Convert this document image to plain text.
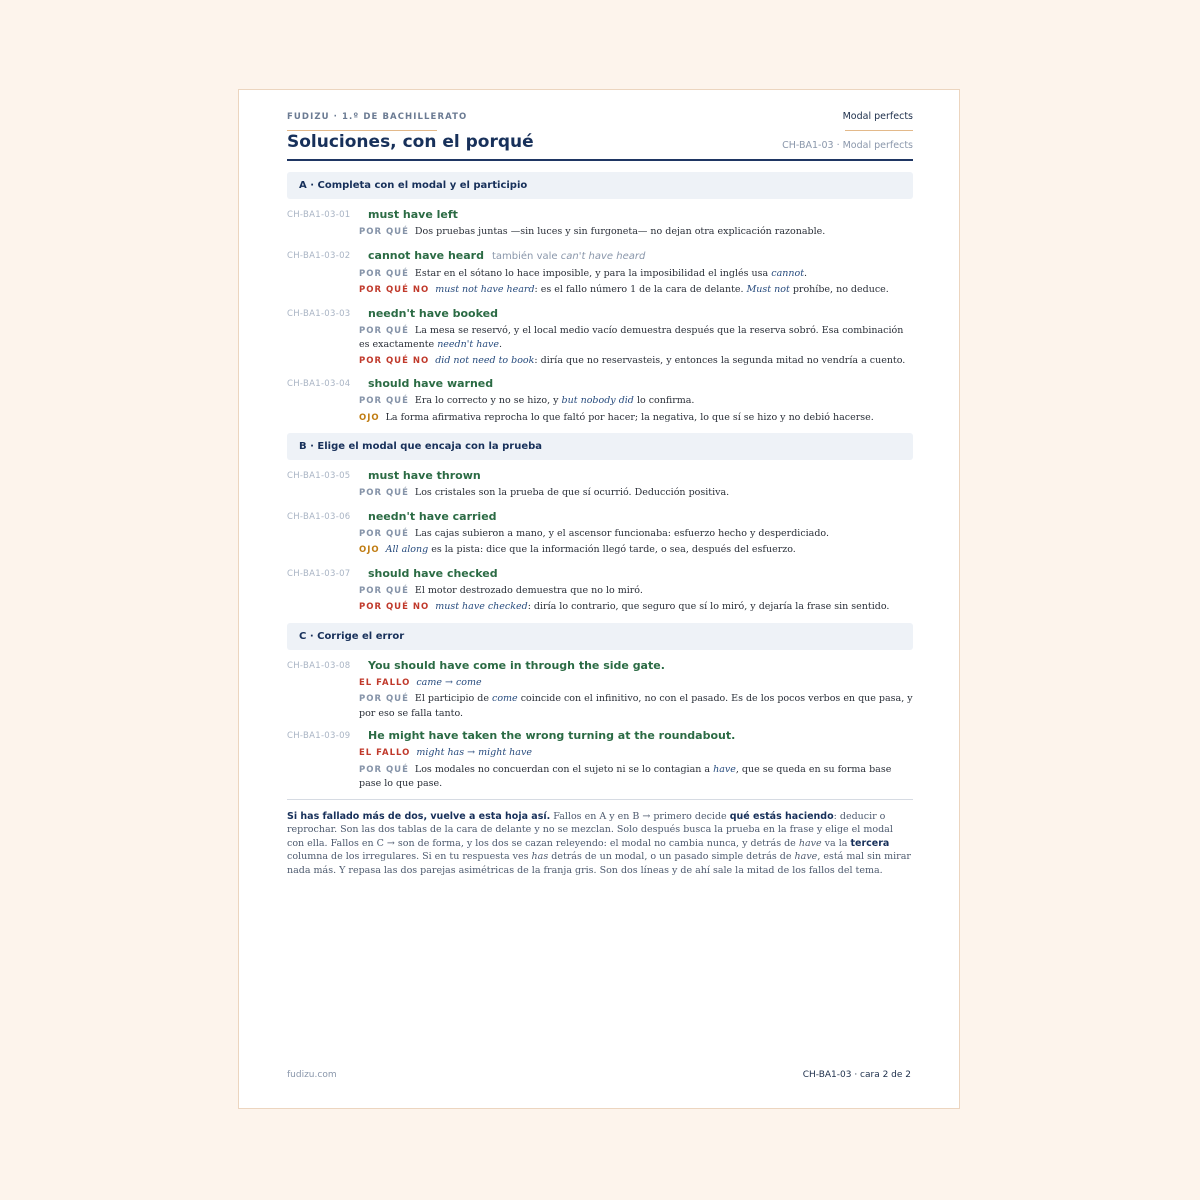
FUDIZU · 1.º DE BACHILLERATO	Modal perfects
Soluciones, con el porqué	CH-BA1-03 · Modal perfects
A · Completa con el modal y el participio
CH-BA1-03-01 must have left
POR QUÉ Dos pruebas juntas —sin luces y sin furgoneta— no dejan otra explicación razonable.
CH-BA1-03-02 cannot have heard también vale can't have heard
POR QUÉ Estar en el sótano lo hace imposible, y para la imposibilidad el inglés usa cannot.
POR QUÉ NO must not have heard: es el fallo número 1 de la cara de delante. Must not prohíbe, no deduce.
CH-BA1-03-03 needn't have booked
POR QUÉ La mesa se reservó, y el local medio vacío demuestra después que la reserva sobró. Esa combinación es exactamente needn't have.
POR QUÉ NO did not need to book: diría que no reservasteis, y entonces la segunda mitad no vendría a cuento.
CH-BA1-03-04 should have warned
POR QUÉ Era lo correcto y no se hizo, y but nobody did lo confirma.
OJO La forma afirmativa reprocha lo que faltó por hacer; la negativa, lo que sí se hizo y no debió hacerse.
B · Elige el modal que encaja con la prueba
CH-BA1-03-05 must have thrown
POR QUÉ Los cristales son la prueba de que sí ocurrió. Deducción positiva.
CH-BA1-03-06 needn't have carried
POR QUÉ Las cajas subieron a mano, y el ascensor funcionaba: esfuerzo hecho y desperdiciado.
OJO All along es la pista: dice que la información llegó tarde, o sea, después del esfuerzo.
CH-BA1-03-07 should have checked
POR QUÉ El motor destrozado demuestra que no lo miró.
POR QUÉ NO must have checked: diría lo contrario, que seguro que sí lo miró, y dejaría la frase sin sentido.
C · Corrige el error
CH-BA1-03-08 You should have come in through the side gate.
EL FALLO came → come
POR QUÉ El participio de come coincide con el infinitivo, no con el pasado. Es de los pocos verbos en que pasa, y por eso se falla tanto.
CH-BA1-03-09 He might have taken the wrong turning at the roundabout.
EL FALLO might has → might have
POR QUÉ Los modales no concuerdan con el sujeto ni se lo contagian a have, que se queda en su forma base pase lo que pase.
Si has fallado más de dos, vuelve a esta hoja así. Fallos en A y en B → primero decide qué estás haciendo: deducir o reprochar. Son las dos tablas de la cara de delante y no se mezclan. Solo después busca la prueba en la frase y elige el modal con ella. Fallos en C → son de forma, y los dos se cazan releyendo: el modal no cambia nunca, y detrás de have va la tercera columna de los irregulares. Si en tu respuesta ves has detrás de un modal, o un pasado simple detrás de have, está mal sin mirar nada más. Y repasa las dos parejas asimétricas de la franja gris. Son dos líneas y de ahí sale la mitad de los fallos del tema.
fudizu.com	CH-BA1-03 · cara 2 de 2
